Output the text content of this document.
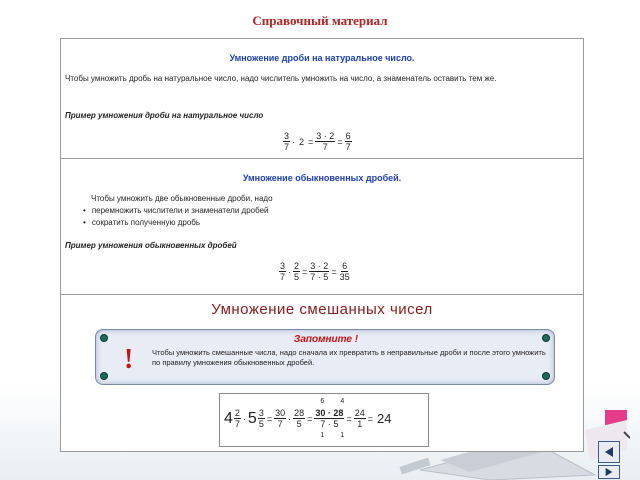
Справочный материал
Умножение дроби на натуральное число.
Чтобы умножить дробь на натуральное число, надо числитель умножить на число, а знаменатель оставить тем же.
Пример умножения дроби на натуральное число
$\frac{3}{7} \cdot 2 = \frac{3 \cdot 2}{7} = \frac{6}{7}$
Умножение обыкновенных дробей.
Чтобы умножить две обыкновенные дроби, надо
• перемножить числители и знаменатели дробей
• сократить полученную дробь
Пример умножения обыкновенных дробей
$\frac{3}{7} \cdot \frac{2}{5} = \frac{3 \cdot 2}{7 \cdot 5} = \frac{6}{35}$
Умножение смешанных чисел
Запомните !
! Чтобы умножить смешанные числа, надо сначала их превратить в неправильные дроби и после этого умножить по правилу умножения обыкновенных дробей.
$4 \frac{2}{7} \cdot 5 \frac{3}{5} = \frac{30}{7} \cdot \frac{28}{5}$ =
6 4
$\frac{30 \cdot 28}{7 \cdot 5}$
1 1
= $\frac{24}{1} = 24$
